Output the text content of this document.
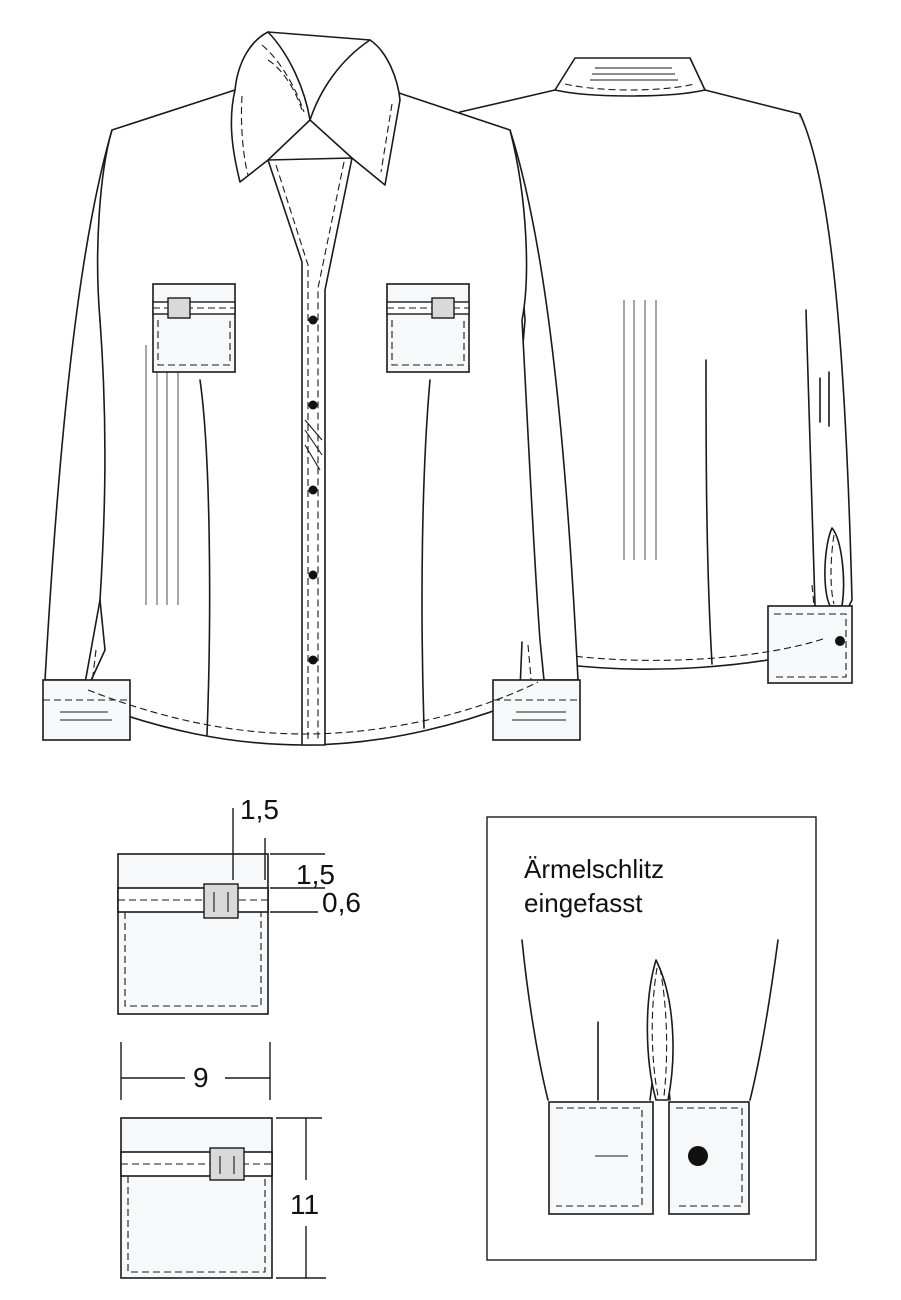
1,5
1,5
0,6
9
11
Ärmelschlitz
eingefasst
